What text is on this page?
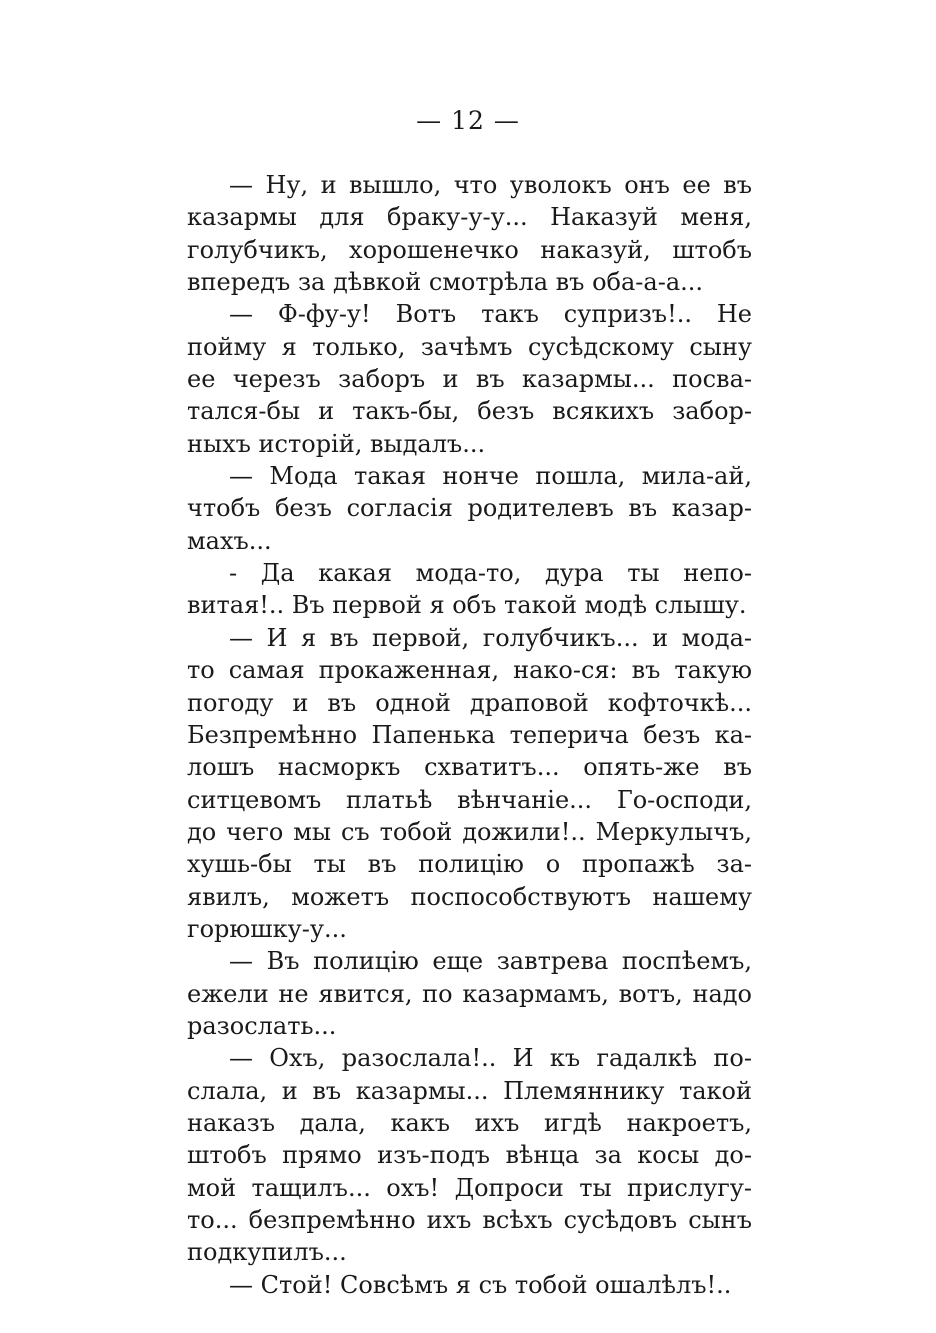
— 12 —
— Ну, и вышло, что уволокъ онъ ее въ
казармы для браку-у-у... Наказуй меня,
голубчикъ, хорошенечко наказуй, штобъ
впередъ за дѣвкой смотрѣла въ оба-а-а...
— Ф-фу-у! Вотъ такъ супризъ!.. Не
пойму я только, зачѣмъ сусѣдскому сыну
ее черезъ заборъ и въ казармы... посва-
тался-бы и такъ-бы, безъ всякихъ забор-
ныхъ исторiй, выдалъ...
— Мода такая нонче пошла, мила-ай,
чтобъ безъ согласiя родителевъ въ казар-
махъ...
- Да какая мода-то, дура ты непо-
витая!.. Въ первой я объ такой модѣ слышу.
— И я въ первой, голубчикъ... и модa-
то самая прокаженная, нако-ся: въ такую
погоду и въ одной драповой кофточкѣ...
Безпремѣнно Папенька теперича безъ ка-
лошъ насморкъ схватитъ... опять-же въ
ситцевомъ платьѣ вѣнчанiе... Го-осподи,
до чего мы съ тобой дожили!.. Меркулычъ,
хушь-бы ты въ полицiю о пропажѣ за-
явилъ, можетъ поспособствуютъ нашему
горюшку-у...
— Въ полицiю еще завтрева поспѣемъ,
ежели не явится, по казармамъ, вотъ, надо
разослать...
— Охъ, разослала!.. И къ гадалкѣ по-
слала, и въ казармы... Племяннику такой
наказъ дала, какъ ихъ игдѣ накроетъ,
штобъ прямо изъ-подъ вѣнца за косы до-
мой тащилъ... охъ! Допроси ты прислугу-
то... безпремѣнно ихъ всѣхъ сусѣдовъ сынъ
подкупилъ...
— Стой! Совсѣмъ я съ тобой ошалѣлъ!..
